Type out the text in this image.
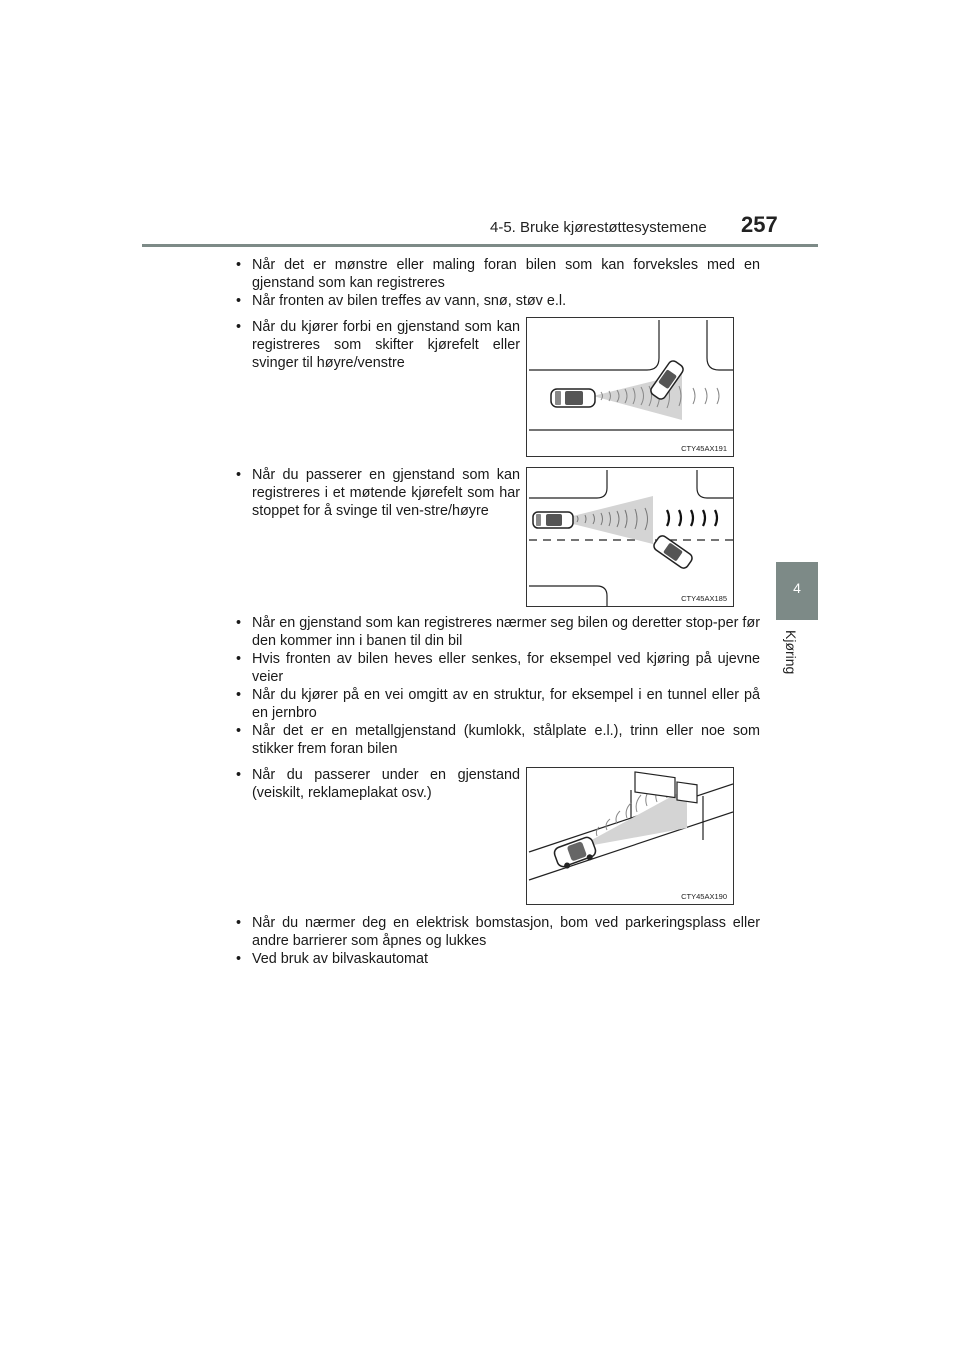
4-5. Bruke kjørestøttesystemene 257
4
Kjøring
• Når det er mønstre eller maling foran bilen som kan forveksles med en gjenstand som kan registreres
• Når fronten av bilen treffes av vann, snø, støv e.l.
• Når du kjører forbi en gjenstand som kan registreres som skifter kjørefelt eller svinger til høyre/venstre
CTY45AX191
• Når du passerer en gjenstand som kan registreres i et møtende kjørefelt som har stoppet for å svinge til ven-stre/høyre
CTY45AX185
• Når en gjenstand som kan registreres nærmer seg bilen og deretter stop-per før den kommer inn i banen til din bil
• Hvis fronten av bilen heves eller senkes, for eksempel ved kjøring på ujevne veier
• Når du kjører på en vei omgitt av en struktur, for eksempel i en tunnel eller på en jernbro
• Når det er en metallgjenstand (kumlokk, stålplate e.l.), trinn eller noe som stikker frem foran bilen
• Når du passerer under en gjenstand (veiskilt, reklameplakat osv.)
CTY45AX190
• Når du nærmer deg en elektrisk bomstasjon, bom ved parkeringsplass eller andre barrierer som åpnes og lukkes
• Ved bruk av bilvaskautomat
